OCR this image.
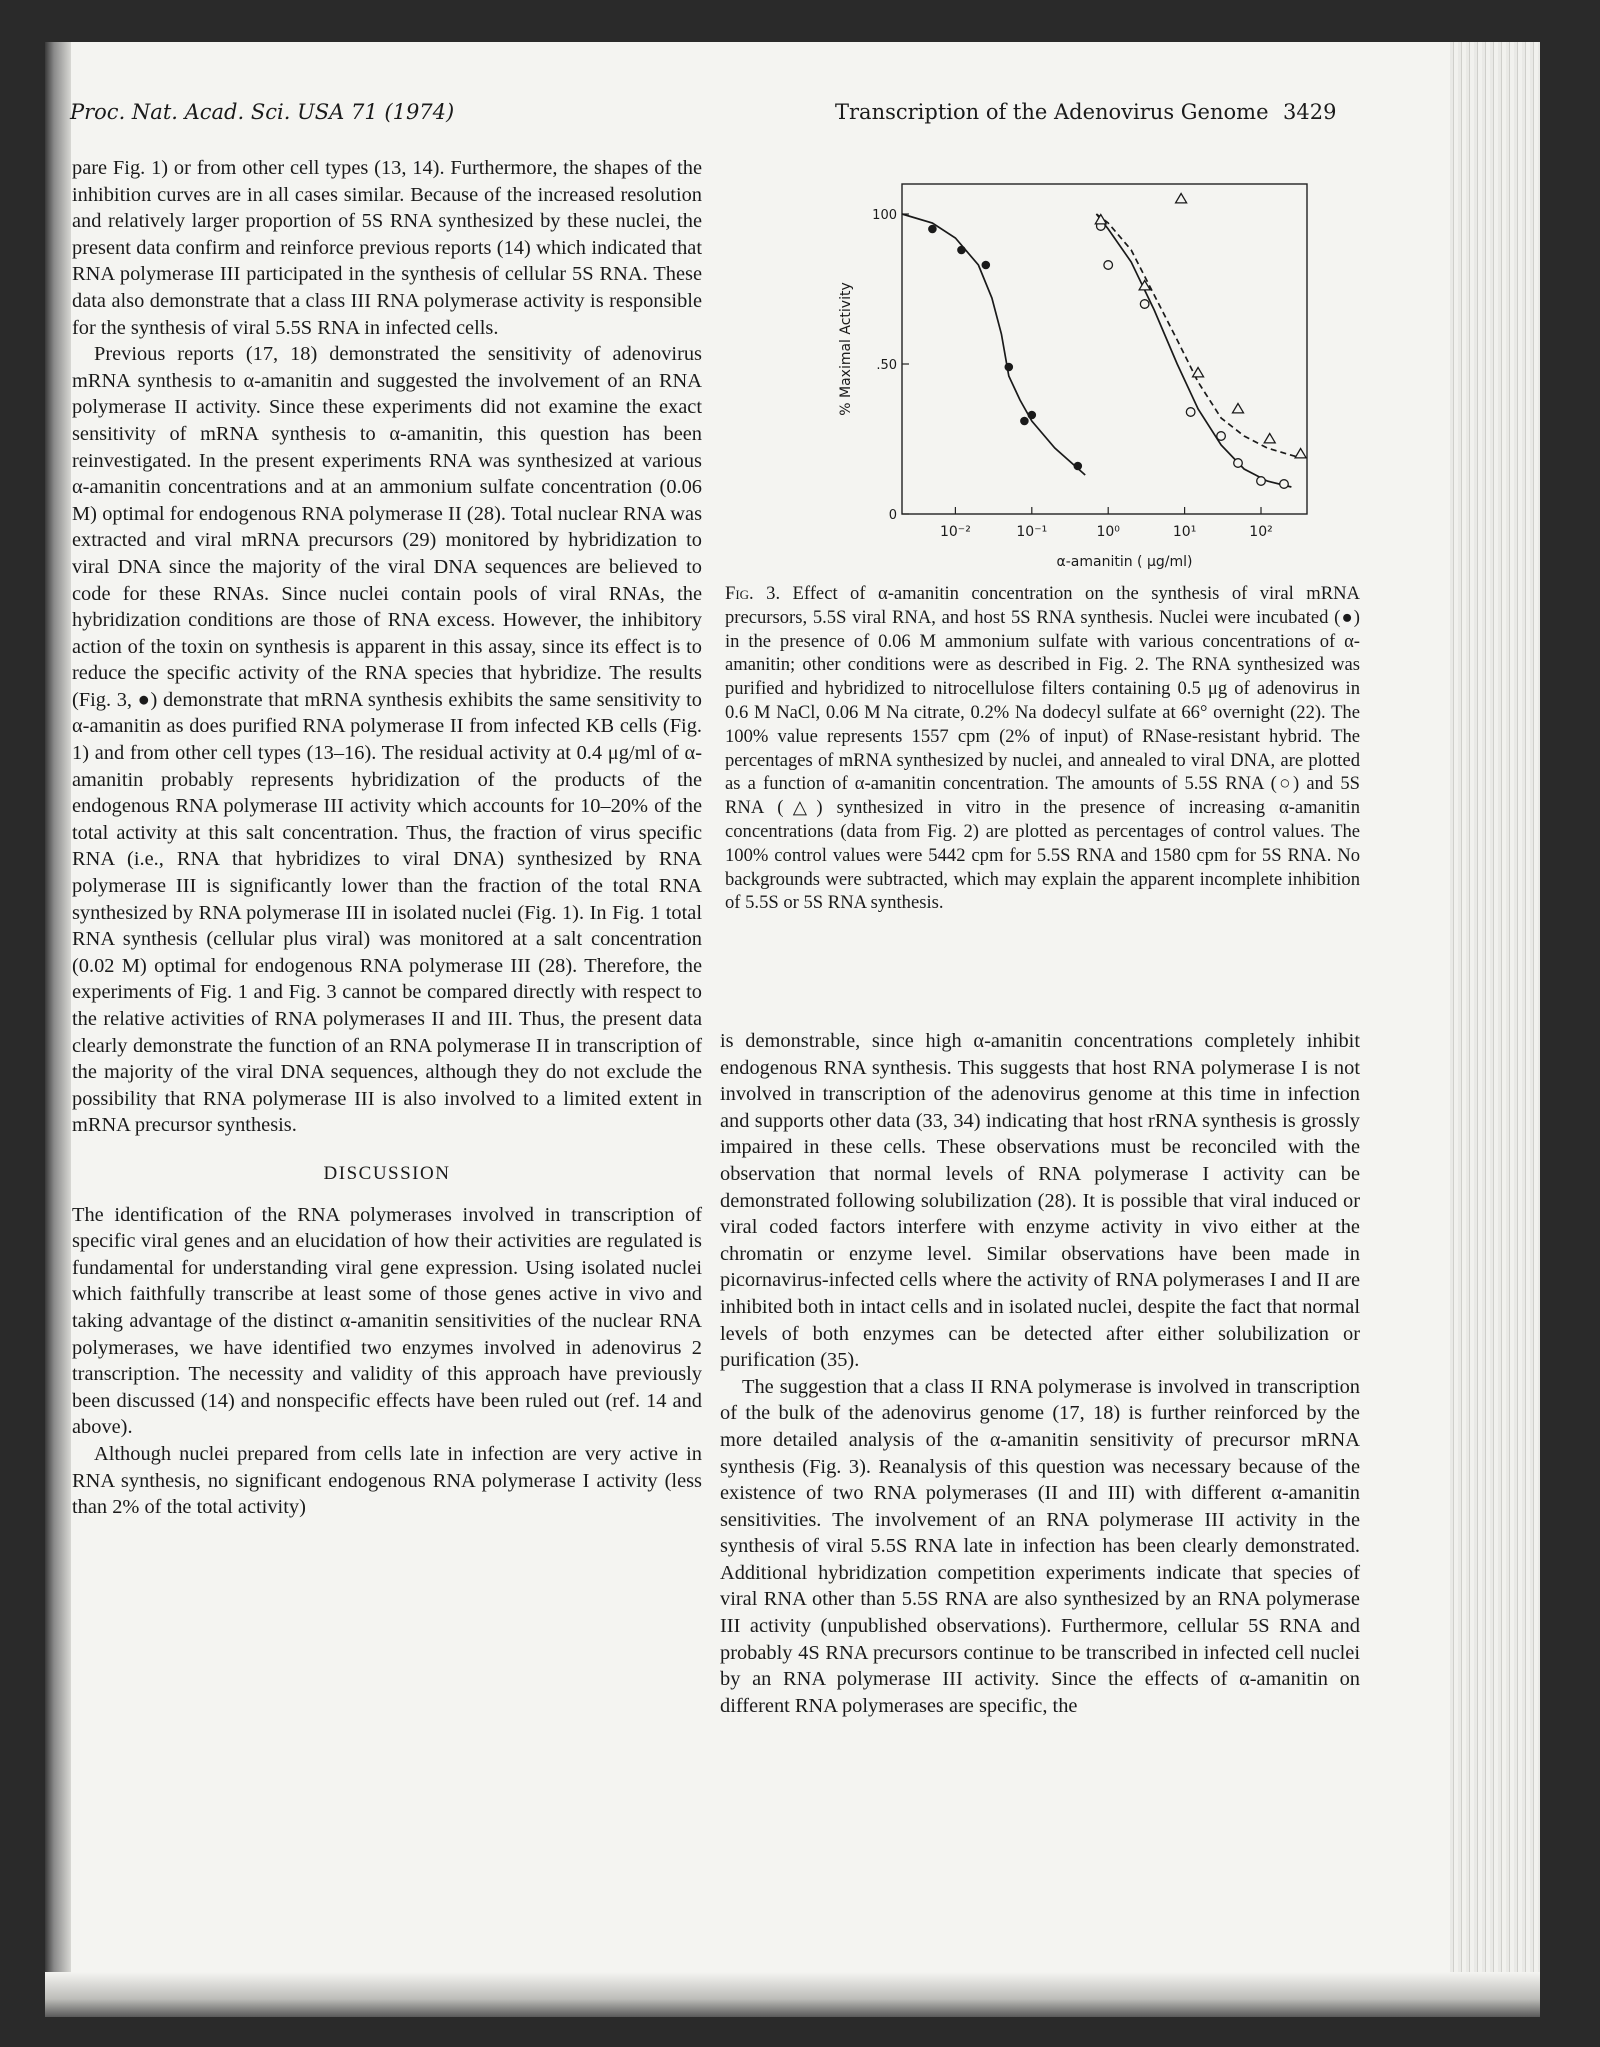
Proc. Nat. Acad. Sci. USA 71 (1974)	Transcription of the Adenovirus Genome 3429

pare Fig. 1) or from other cell types (13, 14). Furthermore, the shapes of the inhibition curves are in all cases similar. Because of the increased resolution and relatively larger proportion of 5S RNA synthesized by these nuclei, the present data confirm and reinforce previous reports (14) which indicated that RNA polymerase III participated in the synthesis of cellular 5S RNA. These data also demonstrate that a class III RNA polymerase activity is responsible for the synthesis of viral 5.5S RNA in infected cells.

Previous reports (17, 18) demonstrated the sensitivity of adenovirus mRNA synthesis to α-amanitin and suggested the involvement of an RNA polymerase II activity. Since these experiments did not examine the exact sensitivity of mRNA synthesis to α-amanitin, this question has been reinvestigated. In the present experiments RNA was synthesized at various α-amanitin concentrations and at an ammonium sulfate concentration (0.06 M) optimal for endogenous RNA polymerase II (28). Total nuclear RNA was extracted and viral mRNA precursors (29) monitored by hybridization to viral DNA since the majority of the viral DNA sequences are believed to code for these RNAs. Since nuclei contain pools of viral RNAs, the hybridization conditions are those of RNA excess. However, the inhibitory action of the toxin on synthesis is apparent in this assay, since its effect is to reduce the specific activity of the RNA species that hybridize. The results (Fig. 3, ●) demonstrate that mRNA synthesis exhibits the same sensitivity to α-amanitin as does purified RNA polymerase II from infected KB cells (Fig. 1) and from other cell types (13–16). The residual activity at 0.4 μg/ml of α-amanitin probably represents hybridization of the products of the endogenous RNA polymerase III activity which accounts for 10–20% of the total activity at this salt concentration. Thus, the fraction of virus specific RNA (i.e., RNA that hybridizes to viral DNA) synthesized by RNA polymerase III is significantly lower than the fraction of the total RNA synthesized by RNA polymerase III in isolated nuclei (Fig. 1). In Fig. 1 total RNA synthesis (cellular plus viral) was monitored at a salt concentration (0.02 M) optimal for endogenous RNA polymerase III (28). Therefore, the experiments of Fig. 1 and Fig. 3 cannot be compared directly with respect to the relative activities of RNA polymerases II and III. Thus, the present data clearly demonstrate the function of an RNA polymerase II in transcription of the majority of the viral DNA sequences, although they do not exclude the possibility that RNA polymerase III is also involved to a limited extent in mRNA precursor synthesis.

DISCUSSION

The identification of the RNA polymerases involved in transcription of specific viral genes and an elucidation of how their activities are regulated is fundamental for understanding viral gene expression. Using isolated nuclei which faithfully transcribe at least some of those genes active in vivo and taking advantage of the distinct α-amanitin sensitivities of the nuclear RNA polymerases, we have identified two enzymes involved in adenovirus 2 transcription. The necessity and validity of this approach have previously been discussed (14) and nonspecific effects have been ruled out (ref. 14 and above).

Although nuclei prepared from cells late in infection are very active in RNA synthesis, no significant endogenous RNA polymerase I activity (less than 2% of the total activity)

0
.50
100
10⁻²	10⁻¹	10⁰	10¹	10²
α-amanitin ( μg/ml)
% Maximal Activity
Fig. 3. Effect of α-amanitin concentration on the synthesis of viral mRNA precursors, 5.5S viral RNA, and host 5S RNA synthesis. Nuclei were incubated (●) in the presence of 0.06 M ammonium sulfate with various concentrations of α-amanitin; other conditions were as described in Fig. 2. The RNA synthesized was purified and hybridized to nitrocellulose filters containing 0.5 μg of adenovirus in 0.6 M NaCl, 0.06 M Na citrate, 0.2% Na dodecyl sulfate at 66° overnight (22). The 100% value represents 1557 cpm (2% of input) of RNase-resistant hybrid. The percentages of mRNA synthesized by nuclei, and annealed to viral DNA, are plotted as a function of α-amanitin concentration. The amounts of 5.5S RNA (○) and 5S RNA (△) synthesized in vitro in the presence of increasing α-amanitin concentrations (data from Fig. 2) are plotted as percentages of control values. The 100% control values were 5442 cpm for 5.5S RNA and 1580 cpm for 5S RNA. No backgrounds were subtracted, which may explain the apparent incomplete inhibition of 5.5S or 5S RNA synthesis.

is demonstrable, since high α-amanitin concentrations completely inhibit endogenous RNA synthesis. This suggests that host RNA polymerase I is not involved in transcription of the adenovirus genome at this time in infection and supports other data (33, 34) indicating that host rRNA synthesis is grossly impaired in these cells. These observations must be reconciled with the observation that normal levels of RNA polymerase I activity can be demonstrated following solubilization (28). It is possible that viral induced or viral coded factors interfere with enzyme activity in vivo either at the chromatin or enzyme level. Similar observations have been made in picornavirus-infected cells where the activity of RNA polymerases I and II are inhibited both in intact cells and in isolated nuclei, despite the fact that normal levels of both enzymes can be detected after either solubilization or purification (35).

The suggestion that a class II RNA polymerase is involved in transcription of the bulk of the adenovirus genome (17, 18) is further reinforced by the more detailed analysis of the α-amanitin sensitivity of precursor mRNA synthesis (Fig. 3). Reanalysis of this question was necessary because of the existence of two RNA polymerases (II and III) with different α-amanitin sensitivities. The involvement of an RNA polymerase III activity in the synthesis of viral 5.5S RNA late in infection has been clearly demonstrated. Additional hybridization competition experiments indicate that species of viral RNA other than 5.5S RNA are also synthesized by an RNA polymerase III activity (unpublished observations). Furthermore, cellular 5S RNA and probably 4S RNA precursors continue to be transcribed in infected cell nuclei by an RNA polymerase III activity. Since the effects of α-amanitin on different RNA polymerases are specific, the
